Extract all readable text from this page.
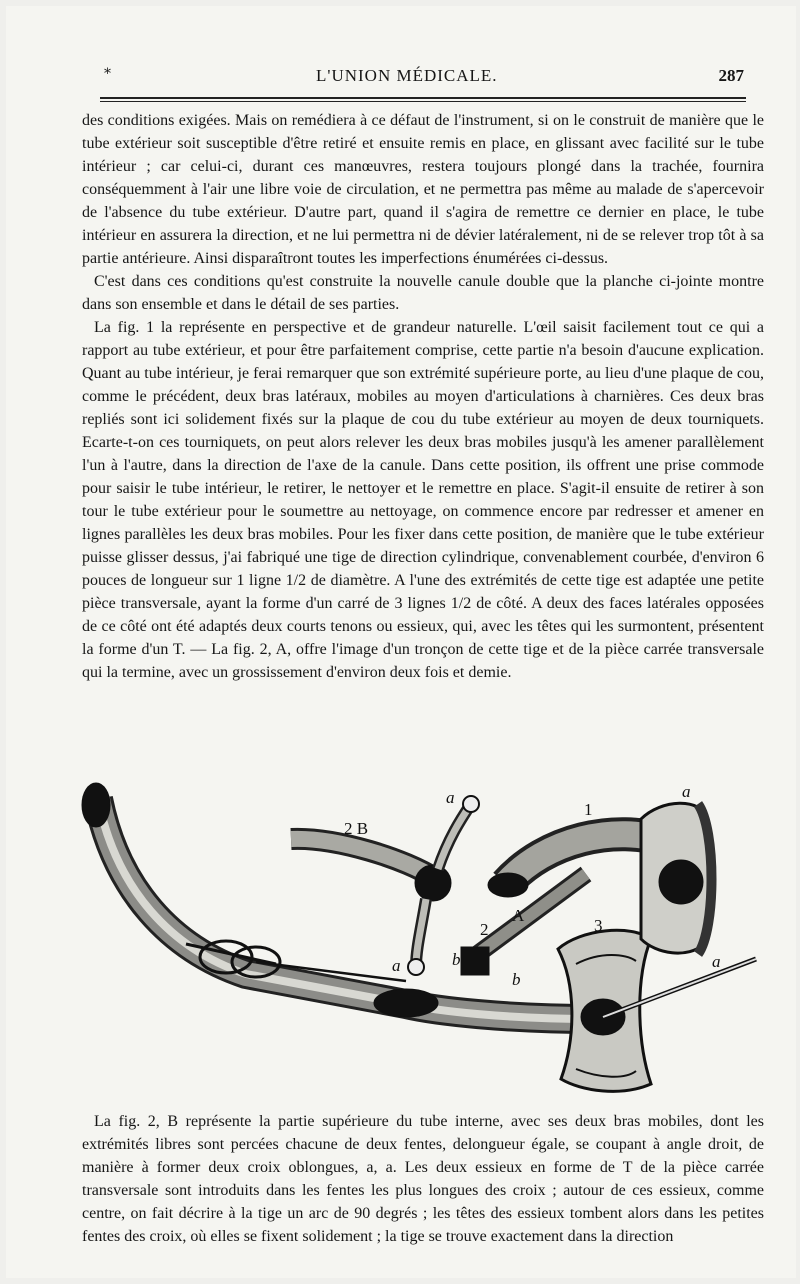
*	L'UNION MÉDICALE.	287

des conditions exigées. Mais on remédiera à ce défaut de l'instrument, si on le construit de manière que le tube extérieur soit susceptible d'être retiré et ensuite remis en place, en glissant avec facilité sur le tube intérieur ; car celui-ci, durant ces manœuvres, restera toujours plongé dans la trachée, fournira conséquemment à l'air une libre voie de circulation, et ne permettra pas même au malade de s'apercevoir de l'absence du tube extérieur. D'autre part, quand il s'agira de remettre ce dernier en place, le tube intérieur en assurera la direction, et ne lui permettra ni de dévier latéralement, ni de se relever trop tôt à sa partie antérieure. Ainsi disparaîtront toutes les imperfections énumérées ci-dessus.

C'est dans ces conditions qu'est construite la nouvelle canule double que la planche ci-jointe montre dans son ensemble et dans le détail de ses parties.

La fig. 1 la représente en perspective et de grandeur naturelle. L'œil saisit facilement tout ce qui a rapport au tube extérieur, et pour être parfaitement comprise, cette partie n'a besoin d'aucune explication. Quant au tube intérieur, je ferai remarquer que son extrémité supérieure porte, au lieu d'une plaque de cou, comme le précédent, deux bras latéraux, mobiles au moyen d'articulations à charnières. Ces deux bras repliés sont ici solidement fixés sur la plaque de cou du tube extérieur au moyen de deux tourniquets. Ecarte-t-on ces tourniquets, on peut alors relever les deux bras mobiles jusqu'à les amener parallèlement l'un à l'autre, dans la direction de l'axe de la canule. Dans cette position, ils offrent une prise commode pour saisir le tube intérieur, le retirer, le nettoyer et le remettre en place. S'agit-il ensuite de retirer à son tour le tube extérieur pour le soumettre au nettoyage, on commence encore par redresser et amener en lignes parallèles les deux bras mobiles. Pour les fixer dans cette position, de manière que le tube extérieur puisse glisser dessus, j'ai fabriqué une tige de direction cylindrique, convenablement courbée, d'environ 6 pouces de longueur sur 1 ligne 1/2 de diamètre. A l'une des extrémités de cette tige est adaptée une petite pièce transversale, ayant la forme d'un carré de 3 lignes 1/2 de côté. A deux des faces latérales opposées de ce côté ont été adaptés deux courts tenons ou essieux, qui, avec les têtes qui les surmontent, présentent la forme d'un T. — La fig. 2, A, offre l'image d'un tronçon de cette tige et de la pièce carrée transversale qui la termine, avec un grossissement d'environ deux fois et demie.

2 B
a
1
a
a	b
2
A
b
3
a

La fig. 2, B représente la partie supérieure du tube interne, avec ses deux bras mobiles, dont les extrémités libres sont percées chacune de deux fentes, delongueur égale, se coupant à angle droit, de manière à former deux croix oblongues, a, a. Les deux essieux en forme de T de la pièce carrée transversale sont introduits dans les fentes les plus longues des croix ; autour de ces essieux, comme centre, on fait décrire à la tige un arc de 90 degrés ; les têtes des essieux tombent alors dans les petites fentes des croix, où elles se fixent solidement ; la tige se trouve exactement dans la direction
